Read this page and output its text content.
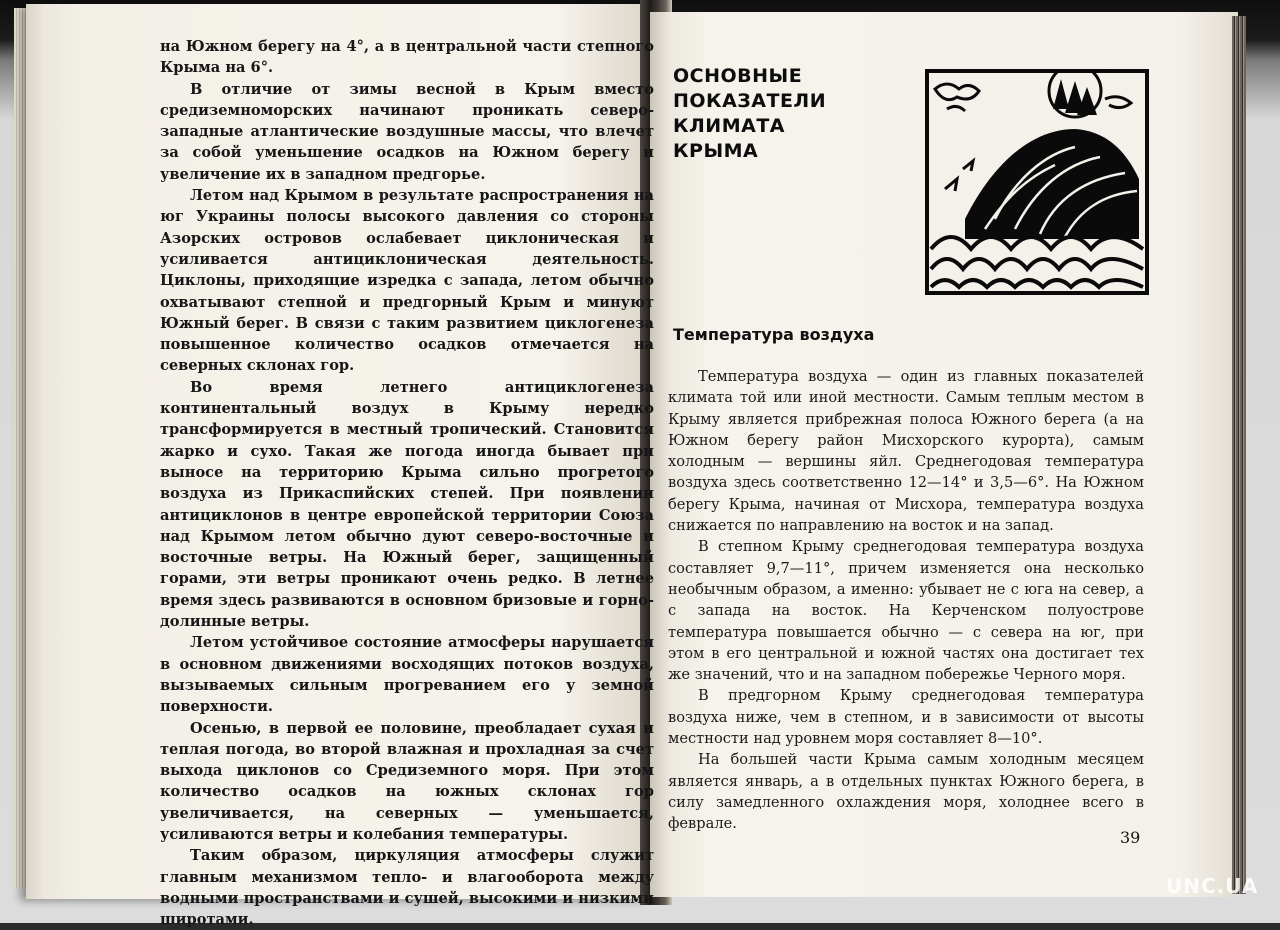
на Южном берегу на 4°, а в центральной части степного Крыма на 6°.

В отличие от зимы весной в Крым вместо средиземноморских начинают проникать северо-западные атлантические воздушные массы, что влечет за собой уменьшение осадков на Южном берегу и увеличение их в западном предгорье.

Летом над Крымом в результате распространения на юг Украины полосы высокого давления со стороны Азорских островов ослабевает циклоническая и усиливается антициклоническая деятельность. Циклоны, приходящие изредка с запада, летом обычно охватывают степной и предгорный Крым и минуют Южный берег. В связи с таким развитием циклогенеза повышенное количество осадков отмечается на северных склонах гор.

Во время летнего антициклогенеза континентальный воздух в Крыму нередко трансформируется в местный тропический. Становится жарко и сухо. Такая же погода иногда бывает при выносе на территорию Крыма сильно прогретого воздуха из Прикаспийских степей. При появлении антициклонов в центре европейской территории Союза над Крымом летом обычно дуют северо-восточные и восточные ветры. На Южный берег, защищенный горами, эти ветры проникают очень редко. В летнее время здесь развиваются в основном бризовые и горно-долинные ветры.

Летом устойчивое состояние атмосферы нарушается в основном движениями восходящих потоков воздуха, вызываемых сильным прогреванием его у земной поверхности.

Осенью, в первой ее половине, преобладает сухая и теплая погода, во второй влажная и прохладная за счет выхода циклонов со Средиземного моря. При этом количество осадков на южных склонах гор увеличивается, на северных — уменьшается, усиливаются ветры и колебания температуры.

Таким образом, циркуляция атмосферы служит главным механизмом тепло- и влагооборота между водными пространствами и сушей, высокими и низкими широтами.

ОСНОВНЫЕ
ПОКАЗАТЕЛИ
КЛИМАТА
КРЫМА
Температура воздуха

Температура воздуха — один из главных показателей климата той или иной местности. Самым теплым местом в Крыму является прибрежная полоса Южного берега (а на Южном берегу район Мисхорского курорта), самым холодным — вершины яйл. Среднегодовая температура воздуха здесь соответственно 12—14° и 3,5—6°. На Южном берегу Крыма, начиная от Мисхора, температура воздуха снижается по направлению на восток и на запад.

В степном Крыму среднегодовая температура воздуха составляет 9,7—11°, причем изменяется она несколько необычным образом, а именно: убывает не с юга на север, а с запада на восток. На Керченском полуострове температура повышается обычно — с севера на юг, при этом в его центральной и южной частях она достигает тех же значений, что и на западном побережье Черного моря.

В предгорном Крыму среднегодовая температура воздуха ниже, чем в степном, и в зависимости от высоты местности над уровнем моря составляет 8—10°.

На большей части Крыма самым холодным месяцем является январь, а в отдельных пунктах Южного берега, в силу замедленного охлаждения моря, холоднее всего в феврале.

39
UNC.UA
